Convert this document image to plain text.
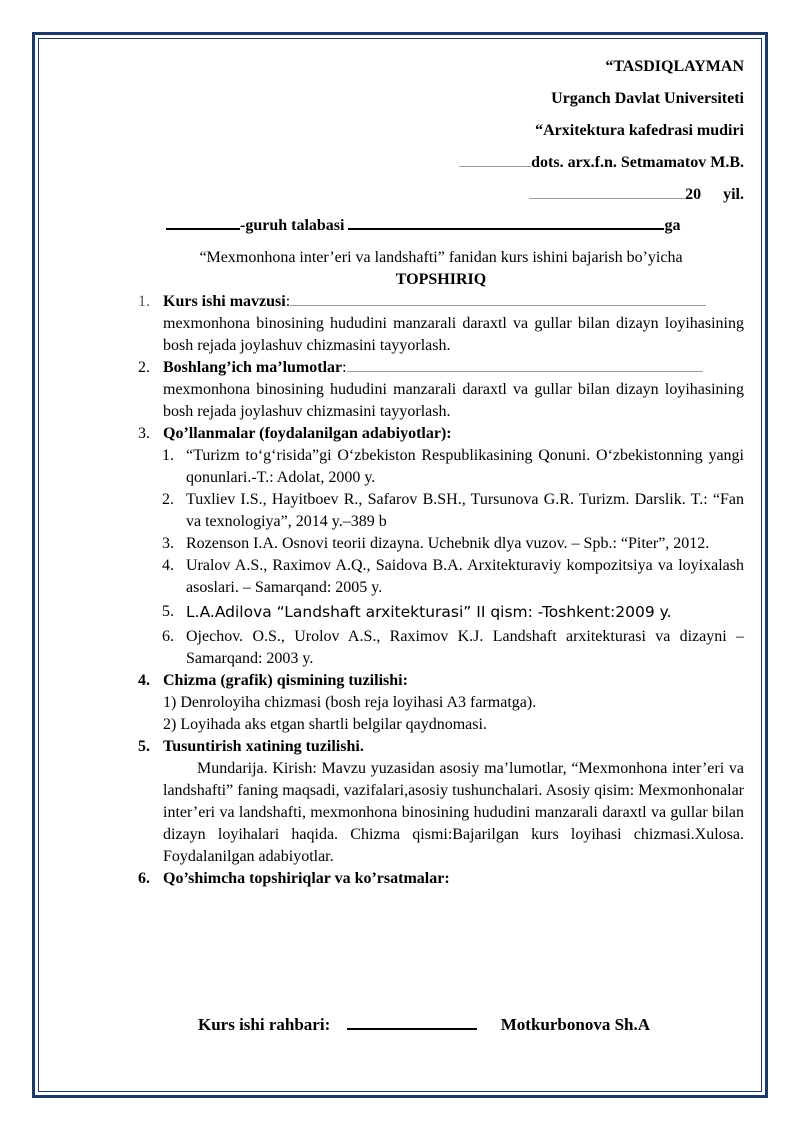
“TASDIQLAYMAN
Urganch Davlat Universiteti
“Arxitektura kafedrasi mudiri
dots. arx.f.n. Setmamatov M.B.
20 yil.
-guruh talabasi	ga
“Mexmonhona inter’eri va landshafti” fanidan kurs ishini bajarish bo’yicha
TOPSHIRIQ
1. Kurs ishi mavzusi:
mexmonhona binosining hududini manzarali daraxtl va gullar bilan dizayn loyihasining bosh rejada joylashuv chizmasini tayyorlash.
2. Boshlang’ich ma’lumotlar:
mexmonhona binosining hududini manzarali daraxtl va gullar bilan dizayn loyihasining bosh rejada joylashuv chizmasini tayyorlash.
3. Qo’llanmalar (foydalanilgan adabiyotlar):
1. “Turizm to‘g‘risida”gi O‘zbekiston Respublikasining Qonuni. O‘zbekistonning yangi qonunlari.-T.: Adolat, 2000 y.
2. Tuxliev I.S., Hayitboev R., Safarov B.SH., Tursunova G.R. Turizm. Darslik. T.: “Fan va texnologiya”, 2014 y.–389 b
3. Rozenson I.A. Osnovi teorii dizayna. Uchebnik dlya vuzov. – Spb.: “Piter”, 2012.
4. Uralov A.S., Raximov A.Q., Saidova B.A. Arxitekturaviy kompozitsiya va loyixalash asoslari. – Samarqand: 2005 y.
5. L.A.Adilova “Landshaft arxitekturasi” II qism: -Toshkent:2009 y.
6. Ojechov. O.S., Urolov A.S., Raximov K.J. Landshaft arxitekturasi va dizayni – Samarqand: 2003 y.
4. Chizma (grafik) qismining tuzilishi:
1) Denroloyiha chizmasi (bosh reja loyihasi A3 farmatga).
2) Loyihada aks etgan shartli belgilar qaydnomasi.
5. Tusuntirish xatining tuzilishi.
Mundarija. Kirish: Mavzu yuzasidan asosiy ma’lumotlar, “Mexmonhona inter’eri va landshafti” faning maqsadi, vazifalari,asosiy tushunchalari. Asosiy qisim: Mexmonhonalar inter’eri va landshafti, mexmonhona binosining hududini manzarali daraxtl va gullar bilan dizayn loyihalari haqida. Chizma qismi:Bajarilgan kurs loyihasi chizmasi.Xulosa. Foydalanilgan adabiyotlar.
6. Qo’shimcha topshiriqlar va ko’rsatmalar:
Kurs ishi rahbari:	Motkurbonova Sh.A
